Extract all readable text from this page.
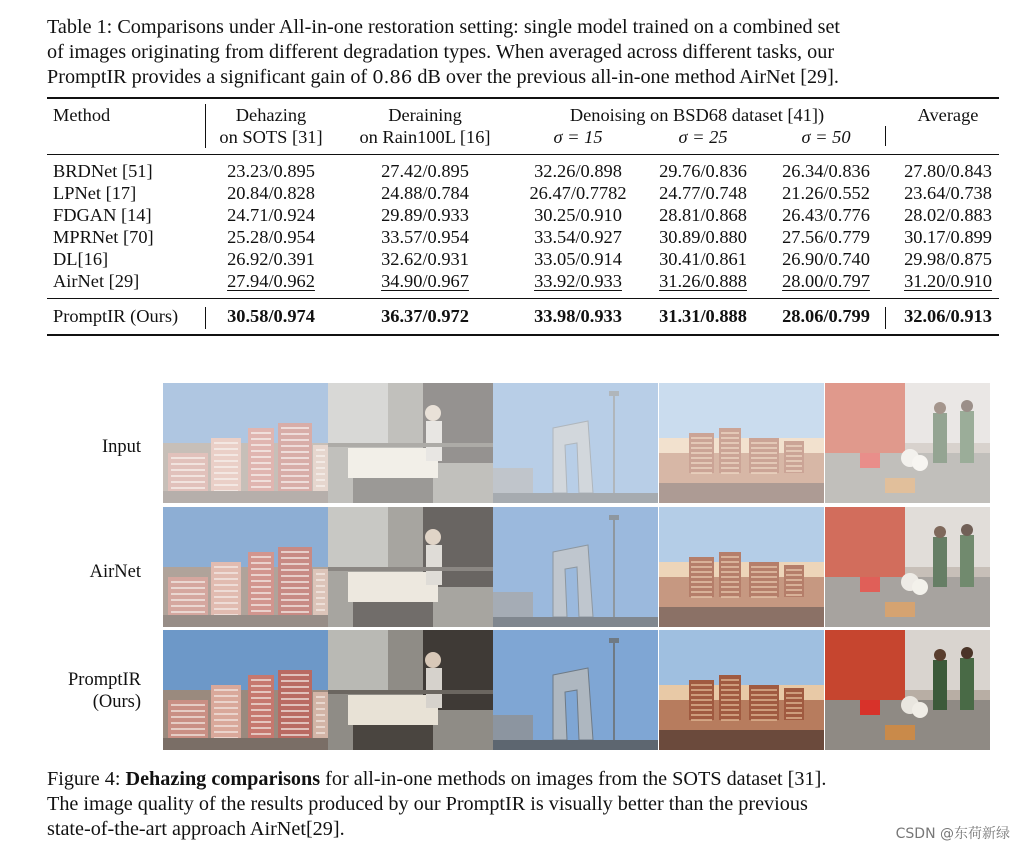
Table 1: Comparisons under All-in-one restoration setting: single model trained on a combined set
of images originating from different degradation types. When averaged across different tasks, our
PromptIR provides a significant gain of 0.86 dB over the previous all-in-one method AirNet [29].
Method	Dehazing
on SOTS [31]
Deraining
on Rain100L [16]
Denoising on BSD68 dataset [41])
σ = 15	σ = 25	σ = 50
Average
BRDNet [51]	23.23/0.895	27.42/0.895	32.26/0.898 29.76/0.836 26.34/0.836 27.80/0.843
LPNet [17]	20.84/0.828	24.88/0.784	26.47/0.7782 24.77/0.748 21.26/0.552 23.64/0.738
FDGAN [14]	24.71/0.924	29.89/0.933	30.25/0.910 28.81/0.868 26.43/0.776 28.02/0.883
MPRNet [70]	25.28/0.954	33.57/0.954	33.54/0.927 30.89/0.880 27.56/0.779 30.17/0.899
DL[16]	26.92/0.391	32.62/0.931	33.05/0.914 30.41/0.861 26.90/0.740 29.98/0.875
AirNet [29]	27.94/0.962	34.90/0.967	33.92/0.933 31.26/0.888 28.00/0.797 31.20/0.910
PromptIR (Ours)	30.58/0.974	36.37/0.972	33.98/0.933 31.31/0.888 28.06/0.799 32.06/0.913
Input
AirNet
PromptIR
(Ours)
Figure 4: Dehazing comparisons for all-in-one methods on images from the SOTS dataset [31].
The image quality of the results produced by our PromptIR is visually better than the previous
state-of-the-art approach AirNet[29].	CSDN @东荷新绿
